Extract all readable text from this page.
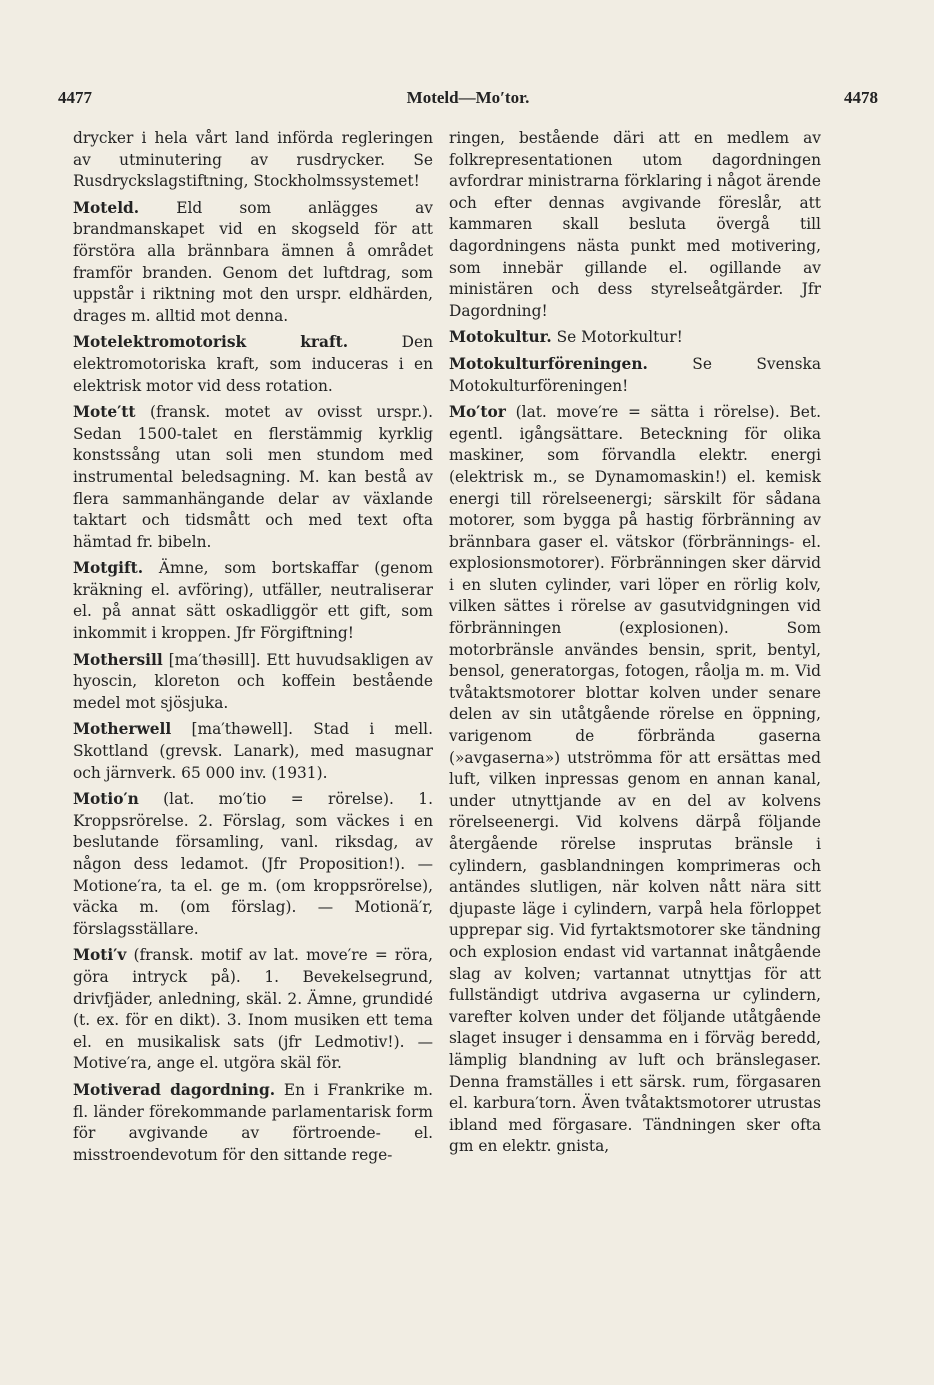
4477	Moteld—Mo′tor.	4478

drycker i hela vårt land införda regleringen av utminutering av rusdrycker. Se Rusdryckslagstiftning, Stockholmssystemet!

Moteld. Eld som anlägges av brandmanskapet vid en skogseld för att förstöra alla brännbara ämnen å området framför branden. Genom det luftdrag, som uppstår i riktning mot den urspr. eldhärden, drages m. alltid mot denna.

Motelektromotorisk kraft.	Den elektromotoriska kraft, som induceras i en elektrisk motor vid dess rotation.

Mote′tt (fransk. motet av ovisst urspr.). Sedan 1500-talet en flerstämmig kyrklig konstssång utan soli men stundom med instrumental beledsagning. M. kan bestå av flera sammanhängande delar av växlande taktart och tidsmått och med text ofta hämtad fr. bibeln.

Motgift. Ämne, som bortskaffar (genom kräkning el. avföring), utfäller, neutraliserar el. på annat sätt oskadliggör ett gift, som inkommit i kroppen. Jfr Förgiftning!

Mothersill [ma′thəsill]. Ett huvudsakligen av hyoscin, kloreton och koffein bestående medel mot sjösjuka.

Motherwell [ma′thəwell]. Stad i mell. Skottland (grevsk. Lanark), med masugnar och järnverk. 65 000 inv. (1931).

Motio′n (lat. mo′tio = rörelse). 1. Kroppsrörelse. 2. Förslag, som väckes i en beslutande församling, vanl. riksdag, av någon dess ledamot. (Jfr Proposition!). — Motione′ra, ta el. ge m. (om kroppsrörelse), väcka m. (om förslag). — Motionä′r, förslagsställare.

Moti′v (fransk. motif av lat. move′re = röra, göra intryck på). 1. Bevekelsegrund, drivfjäder, anledning, skäl. 2. Ämne, grundidé (t. ex. för en dikt). 3. Inom musiken ett tema el. en musikalisk sats (jfr Ledmotiv!). — Motive′ra, ange el. utgöra skäl för.

Motiverad dagordning. En i Frankrike m. fl. länder förekommande parlamentarisk form för avgivande av förtroende- el. misstroendevotum för den sittande rege-

ringen, bestående däri att en medlem av folkrepresentationen utom dagordningen avfordrar ministrarna förklaring i något ärende och efter dennas avgivande föreslår, att kammaren skall besluta övergå till dagordningens nästa punkt med motivering, som innebär gillande el. ogillande av ministären och dess styrelseåtgärder. Jfr Dagordning!

Motokultur. Se Motorkultur!

Motokulturföreningen.	Se Svenska Motokulturföreningen!

Mo′tor (lat. move′re = sätta i rörelse). Bet. egentl. igångsättare. Beteckning för olika maskiner, som förvandla elektr. energi (elektrisk m., se Dynamomaskin!) el. kemisk energi till rörelseenergi; särskilt för sådana motorer, som bygga på hastig förbränning av brännbara gaser el. vätskor (förbrännings- el. explosionsmotorer). Förbränningen sker därvid i en sluten cylinder, vari löper en rörlig kolv, vilken sättes i rörelse av gasutvidgningen vid förbränningen (explosionen). Som motorbränsle användes bensin, sprit, bentyl, bensol, generatorgas, fotogen, råolja m. m. Vid tvåtaktsmotorer blottar kolven under senare delen av sin utåtgående rörelse en öppning, varigenom de förbrända gaserna (»avgaserna») utströmma för att ersättas med luft, vilken inpressas genom en annan kanal, under utnyttjande av en del av kolvens rörelseenergi. Vid kolvens därpå följande återgående rörelse insprutas bränsle i cylindern, gasblandningen komprimeras och antändes slutligen, när kolven nått nära sitt djupaste läge i cylindern, varpå hela förloppet upprepar sig. Vid fyrtaktsmotorer ske tändning och explosion endast vid vartannat inåtgående slag av kolven; vartannat utnyttjas för att fullständigt utdriva avgaserna ur cylindern, varefter kolven under det följande utåtgående slaget insuger i densamma en i förväg beredd, lämplig blandning av luft och bränslegaser. Denna framställes i ett särsk. rum, förgasaren el. karbura′torn. Även tvåtaktsmotorer utrustas ibland med förgasare. Tändningen sker ofta gm en elektr. gnista,
